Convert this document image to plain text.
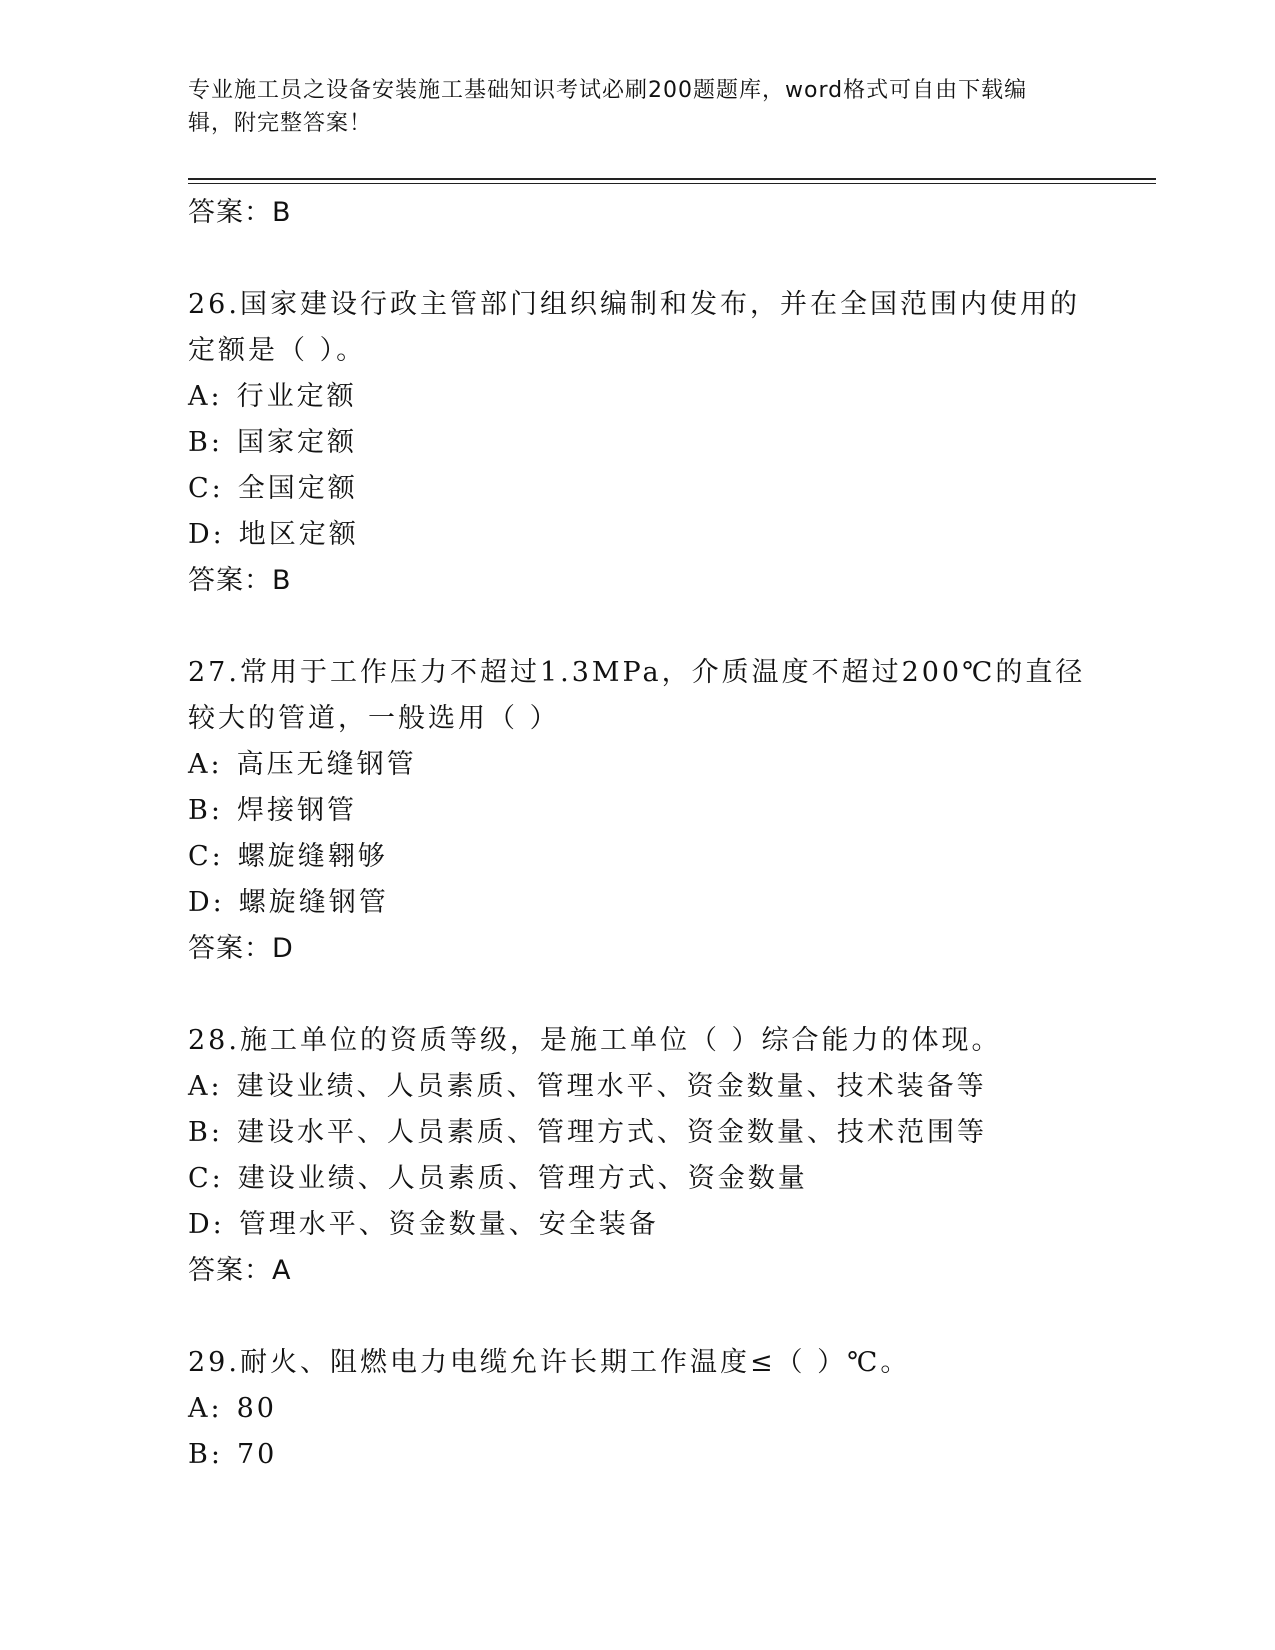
专业施工员之设备安装施工基础知识考试必刷200题题库，word格式可自由下载编辑，附完整答案！
答案：B
26.国家建设行政主管部门组织编制和发布，并在全国范围内使用的定额是（ ）。
A: 行业定额
B: 国家定额
C: 全国定额
D: 地区定额
答案：B
27.常用于工作压力不超过1.3MPa，介质温度不超过200℃的直径较大的管道，一般选用（ ）
A: 高压无缝钢管
B: 焊接钢管
C: 螺旋缝翱够
D: 螺旋缝钢管
答案：D
28.施工单位的资质等级，是施工单位（ ）综合能力的体现。
A: 建设业绩、人员素质、管理水平、资金数量、技术装备等
B: 建设水平、人员素质、管理方式、资金数量、技术范围等
C: 建设业绩、人员素质、管理方式、资金数量
D: 管理水平、资金数量、安全装备
答案：A
29.耐火、阻燃电力电缆允许长期工作温度≤（ ）℃。
A: 80
B: 70
